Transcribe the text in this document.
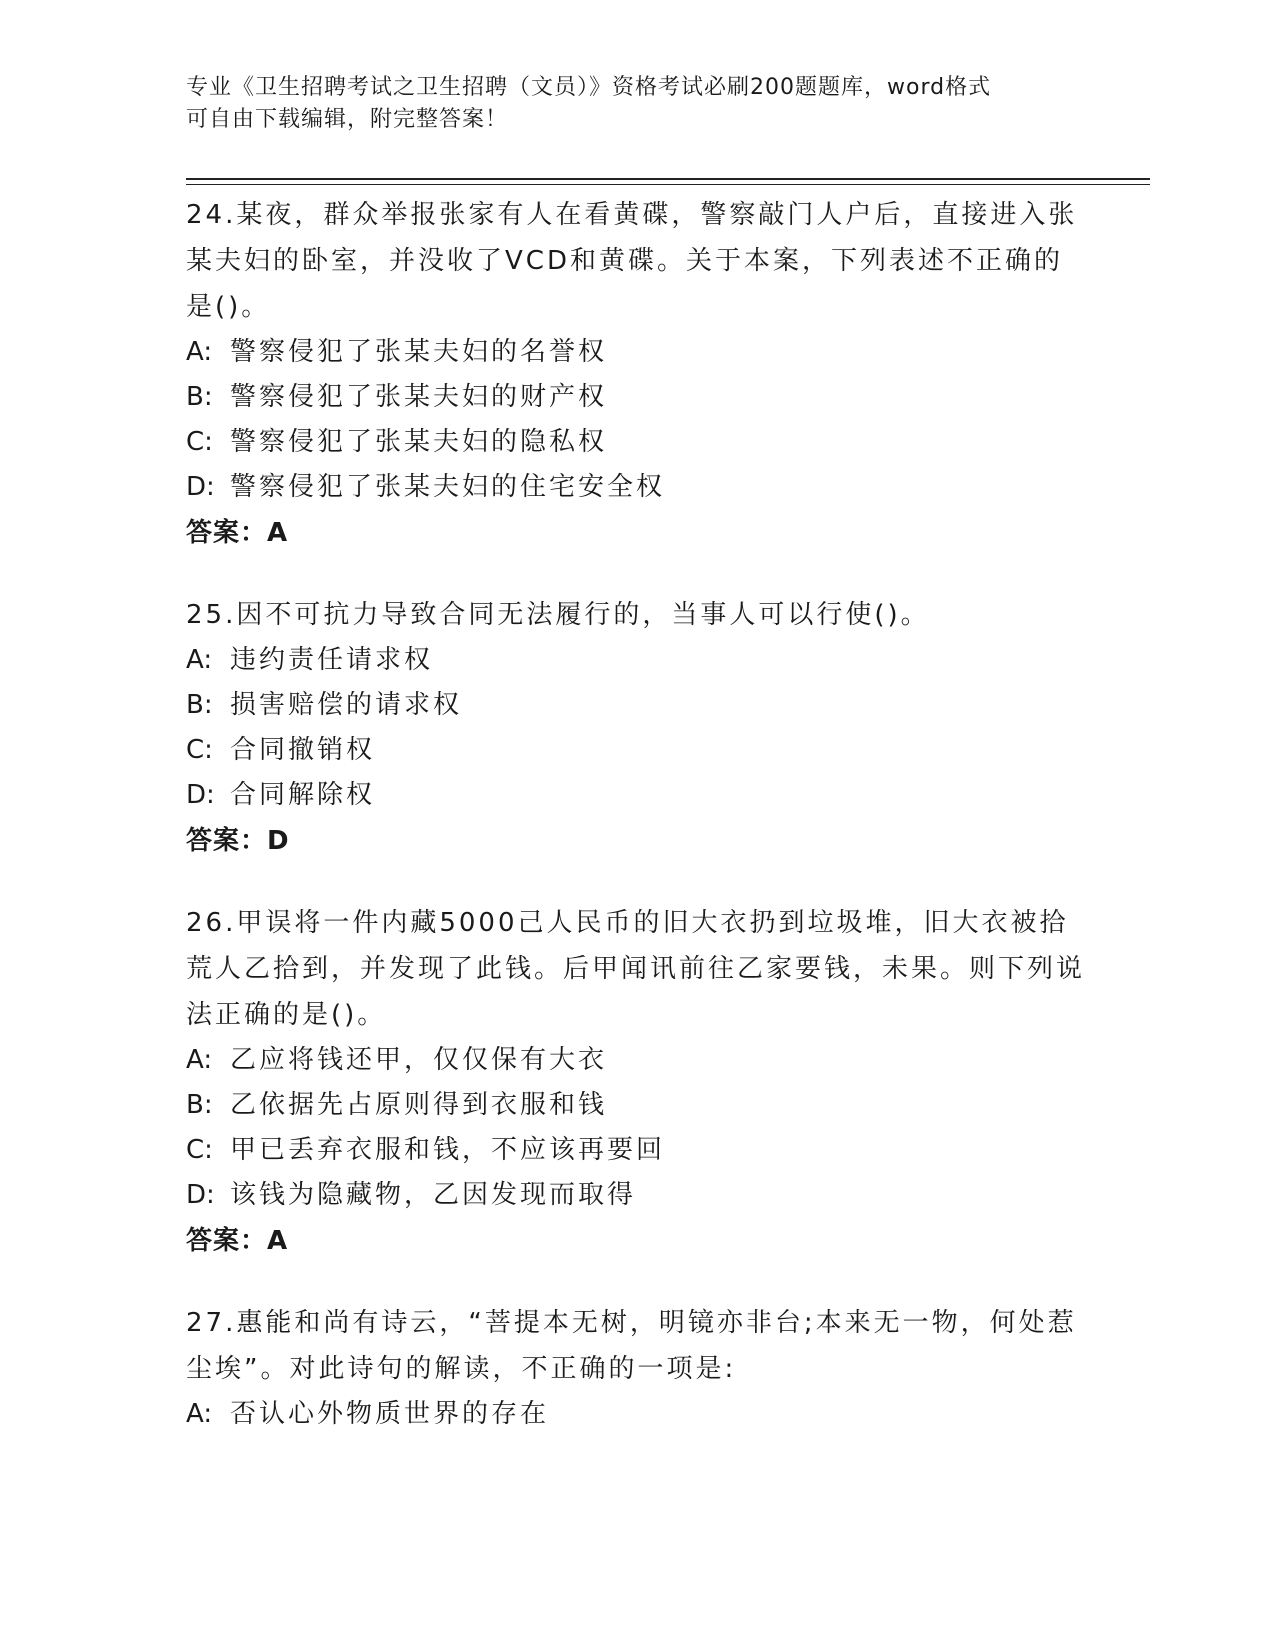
专业《卫生招聘考试之卫生招聘（文员）》资格考试必刷200题题库，word格式
可自由下载编辑，附完整答案！
24.某夜，群众举报张家有人在看黄碟，警察敲门人户后，直接进入张某夫妇的卧室，并没收了VCD和黄碟。关于本案，下列表述不正确的是()。
A: 警察侵犯了张某夫妇的名誉权
B: 警察侵犯了张某夫妇的财产权
C: 警察侵犯了张某夫妇的隐私权
D: 警察侵犯了张某夫妇的住宅安全权
答案：A
25.因不可抗力导致合同无法履行的，当事人可以行使()。
A: 违约责任请求权
B: 损害赔偿的请求权
C: 合同撤销权
D: 合同解除权
答案：D
26.甲误将一件内藏5000己人民币的旧大衣扔到垃圾堆，旧大衣被拾荒人乙拾到，并发现了此钱。后甲闻讯前往乙家要钱，未果。则下列说法正确的是()。
A: 乙应将钱还甲，仅仅保有大衣
B: 乙依据先占原则得到衣服和钱
C: 甲已丢弃衣服和钱，不应该再要回
D: 该钱为隐藏物，乙因发现而取得
答案：A
27.惠能和尚有诗云，“菩提本无树，明镜亦非台;本来无一物，何处惹尘埃”。对此诗句的解读，不正确的一项是:
A: 否认心外物质世界的存在
